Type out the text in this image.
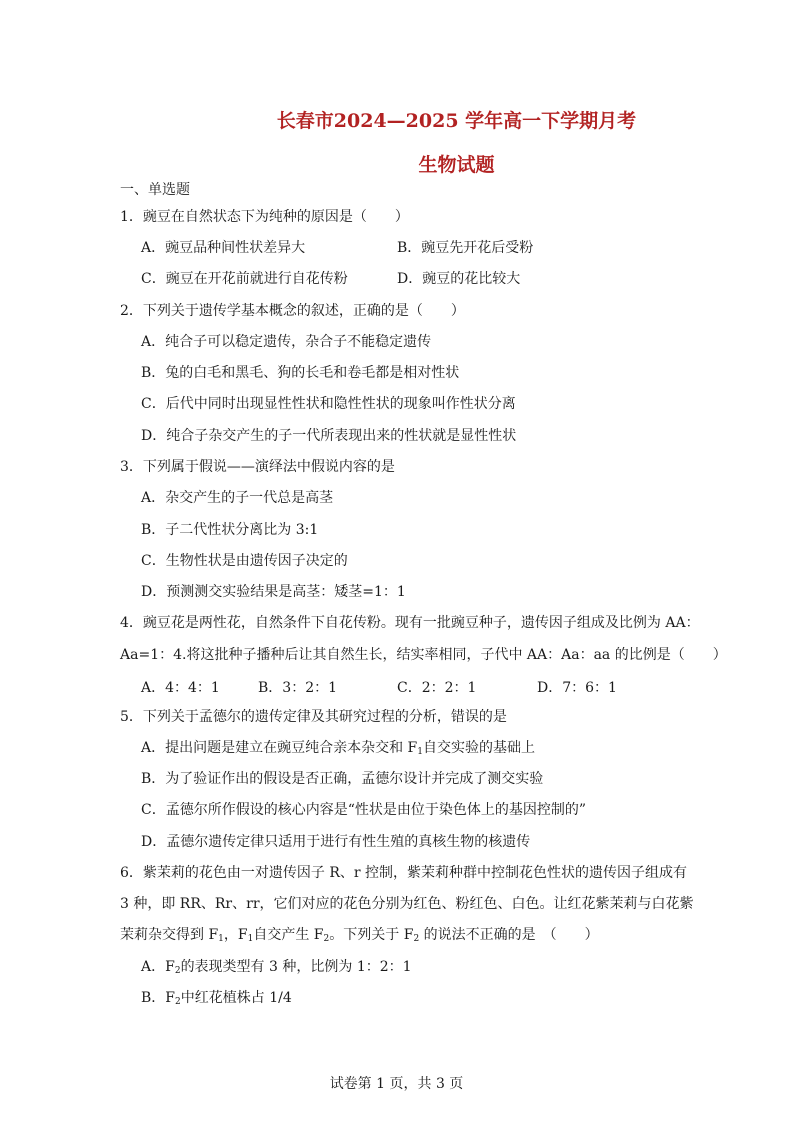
长春市2024—2025 学年高一下学期月考
生物试题
一、单选题
1．豌豆在自然状态下为纯种的原因是（　　）
A．豌豆品种间性状差异大	B．豌豆先开花后受粉
C．豌豆在开花前就进行自花传粉	D．豌豆的花比较大
2．下列关于遗传学基本概念的叙述，正确的是（　　）
A．纯合子可以稳定遗传，杂合子不能稳定遗传
B．兔的白毛和黑毛、狗的长毛和卷毛都是相对性状
C．后代中同时出现显性性状和隐性性状的现象叫作性状分离
D．纯合子杂交产生的子一代所表现出来的性状就是显性性状
3．下列属于假说——演绎法中假说内容的是
A．杂交产生的子一代总是高茎
B．子二代性状分离比为 3:1
C．生物性状是由遗传因子决定的
D．预测测交实验结果是高茎：矮茎=1：1
4．豌豆花是两性花，自然条件下自花传粉。现有一批豌豆种子，遗传因子组成及比例为 AA：
Aa=1：4.将这批种子播种后让其自然生长，结实率相同，子代中 AA：Aa：aa 的比例是（　　）
A．4：4：1	B．3：2：1	C．2：2：1	D．7：6：1
5．下列关于孟德尔的遗传定律及其研究过程的分析，错误的是
A．提出问题是建立在豌豆纯合亲本杂交和 $F_1$自交实验的基础上
B．为了验证作出的假设是否正确，孟德尔设计并完成了测交实验
C．孟德尔所作假设的核心内容是“性状是由位于染色体上的基因控制的”
D．孟德尔遗传定律只适用于进行有性生殖的真核生物的核遗传
6．紫茉莉的花色由一对遗传因子 R、r 控制，紫茉莉种群中控制花色性状的遗传因子组成有
3 种，即 RR、Rr、rr，它们对应的花色分别为红色、粉红色、白色。让红花紫茉莉与白花紫
茉莉杂交得到 $F_1$，$F_1$自交产生 $F_2$。下列关于 $F_2$ 的说法不正确的是　（　　）
A．$F_2$的表现类型有 3 种，比例为 1：2：1
B．$F_2$中红花植株占 1/4
试卷第 1 页，共 3 页
